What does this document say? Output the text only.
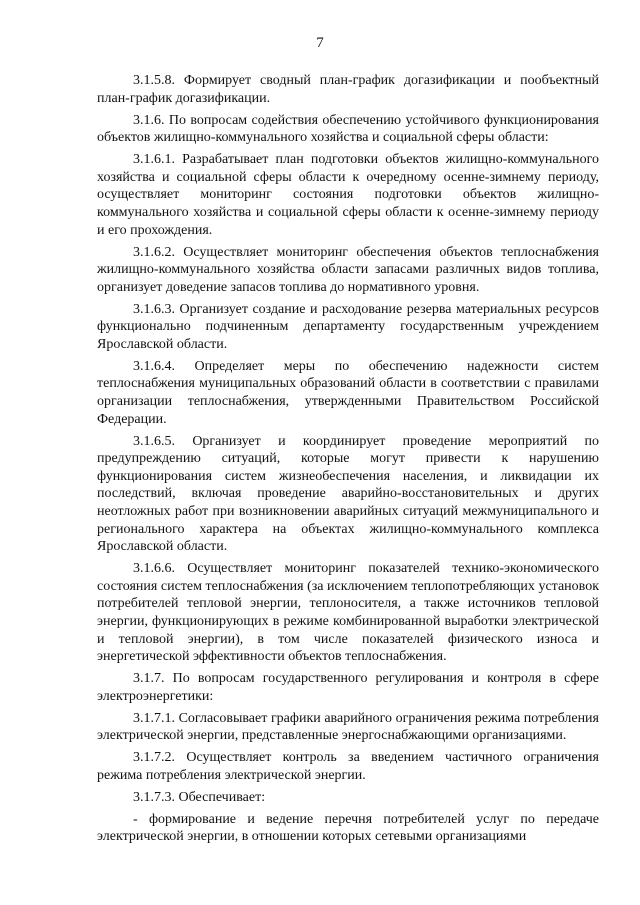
7

3.1.5.8. Формирует сводный план-график догазификации и пообъектный план-график догазификации.

3.1.6. По вопросам содействия обеспечению устойчивого функционирования объектов жилищно-коммунального хозяйства и социальной сферы области:

3.1.6.1. Разрабатывает план подготовки объектов жилищно-коммунального хозяйства и социальной сферы области к очередному осенне-зимнему периоду, осуществляет мониторинг состояния подготовки объектов жилищно-коммунального хозяйства и социальной сферы области к осенне-зимнему периоду и его прохождения.

3.1.6.2. Осуществляет мониторинг обеспечения объектов теплоснабжения жилищно-коммунального хозяйства области запасами различных видов топлива, организует доведение запасов топлива до нормативного уровня.

3.1.6.3. Организует создание и расходование резерва материальных ресурсов функционально подчиненным департаменту государственным учреждением Ярославской области.

3.1.6.4. Определяет меры по обеспечению надежности систем теплоснабжения муниципальных образований области в соответствии с правилами организации теплоснабжения, утвержденными Правительством Российской Федерации.

3.1.6.5. Организует и координирует проведение мероприятий по предупреждению ситуаций, которые могут привести к нарушению функционирования систем жизнеобеспечения населения, и ликвидации их последствий, включая проведение аварийно-восстановительных и других неотложных работ при возникновении аварийных ситуаций межмуниципального и регионального характера на объектах жилищно-коммунального комплекса Ярославской области.

3.1.6.6. Осуществляет мониторинг показателей технико-экономического состояния систем теплоснабжения (за исключением теплопотребляющих установок потребителей тепловой энергии, теплоносителя, а также источников тепловой энергии, функционирующих в режиме комбинированной выработки электрической и тепловой энергии), в том числе показателей физического износа и энергетической эффективности объектов теплоснабжения.

3.1.7. По вопросам государственного регулирования и контроля в сфере электроэнергетики:

3.1.7.1. Согласовывает графики аварийного ограничения режима потребления электрической энергии, представленные энергоснабжающими организациями.

3.1.7.2. Осуществляет контроль за введением частичного ограничения режима потребления электрической энергии.

3.1.7.3. Обеспечивает:

- формирование и ведение перечня потребителей услуг по передаче электрической энергии, в отношении которых сетевыми организациями
